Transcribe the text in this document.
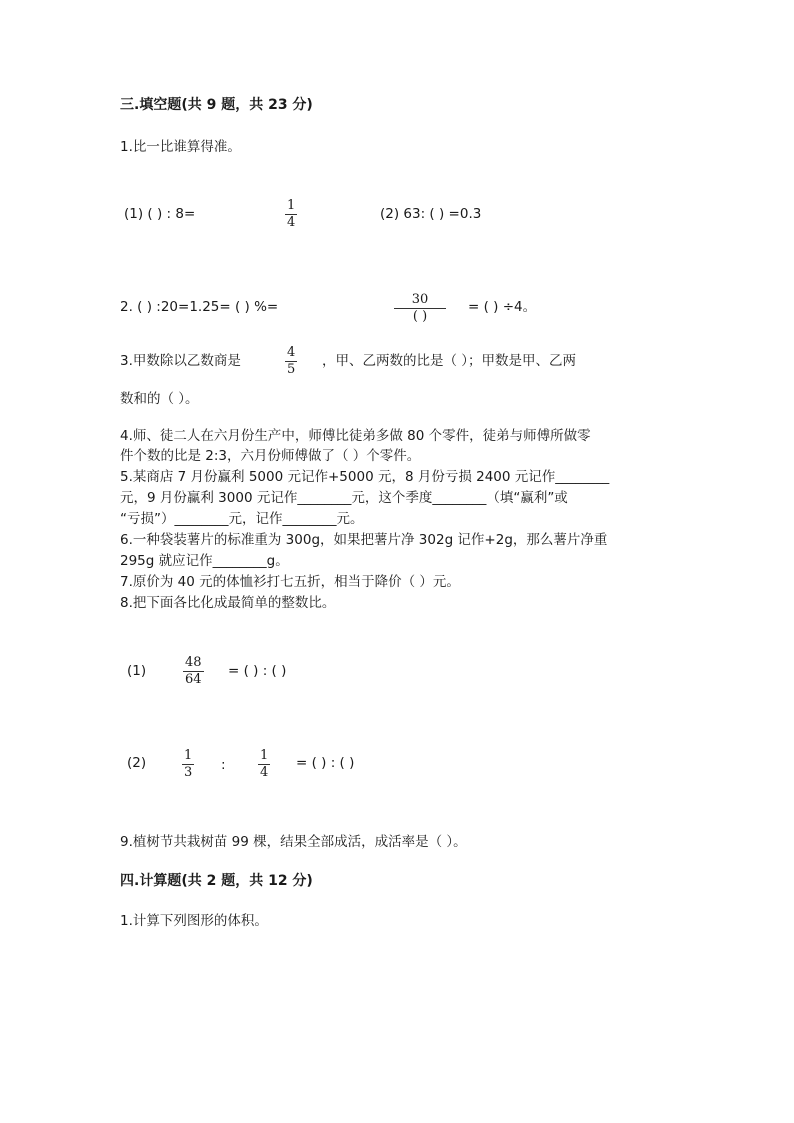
三.填空题(共 9 题，共 23 分)
1.比一比谁算得准。
(1) ( ) : 8=	$\frac{1}{4}$	(2) 63: ( ) =0.3
2. ( ) :20=1.25= ( ) %=	30
( )
= ( ) ÷4。
3.甲数除以乙数商是	$\frac{4}{5}$ ，甲、乙两数的比是（ ）；甲数是甲、乙两
数和的（ ）。
4.师、徒二人在六月份生产中，师傅比徒弟多做 80 个零件，徒弟与师傅所做零
件个数的比是 2:3，六月份师傅做了（ ）个零件。
5.某商店 7 月份赢利 5000 元记作+5000 元，8 月份亏损 2400 元记作________
元，9 月份赢利 3000 元记作________元，这个季度________（填“赢利”或
“亏损”）________元，记作________元。
6.一种袋装薯片的标准重为 300g，如果把薯片净 302g 记作+2g，那么薯片净重
295g 就应记作________g。
7.原价为 40 元的体恤衫打七五折，相当于降价（ ）元。
8.把下面各比化成最简单的整数比。
(1)	$\frac{48}{64}$ = ( ) : ( )
(2)	$\frac{1}{3}$ : $\frac{1}{4}$ = ( ) : ( )
9.植树节共栽树苗 99 棵，结果全部成活，成活率是（ ）。
四.计算题(共 2 题，共 12 分)
1.计算下列图形的体积。
